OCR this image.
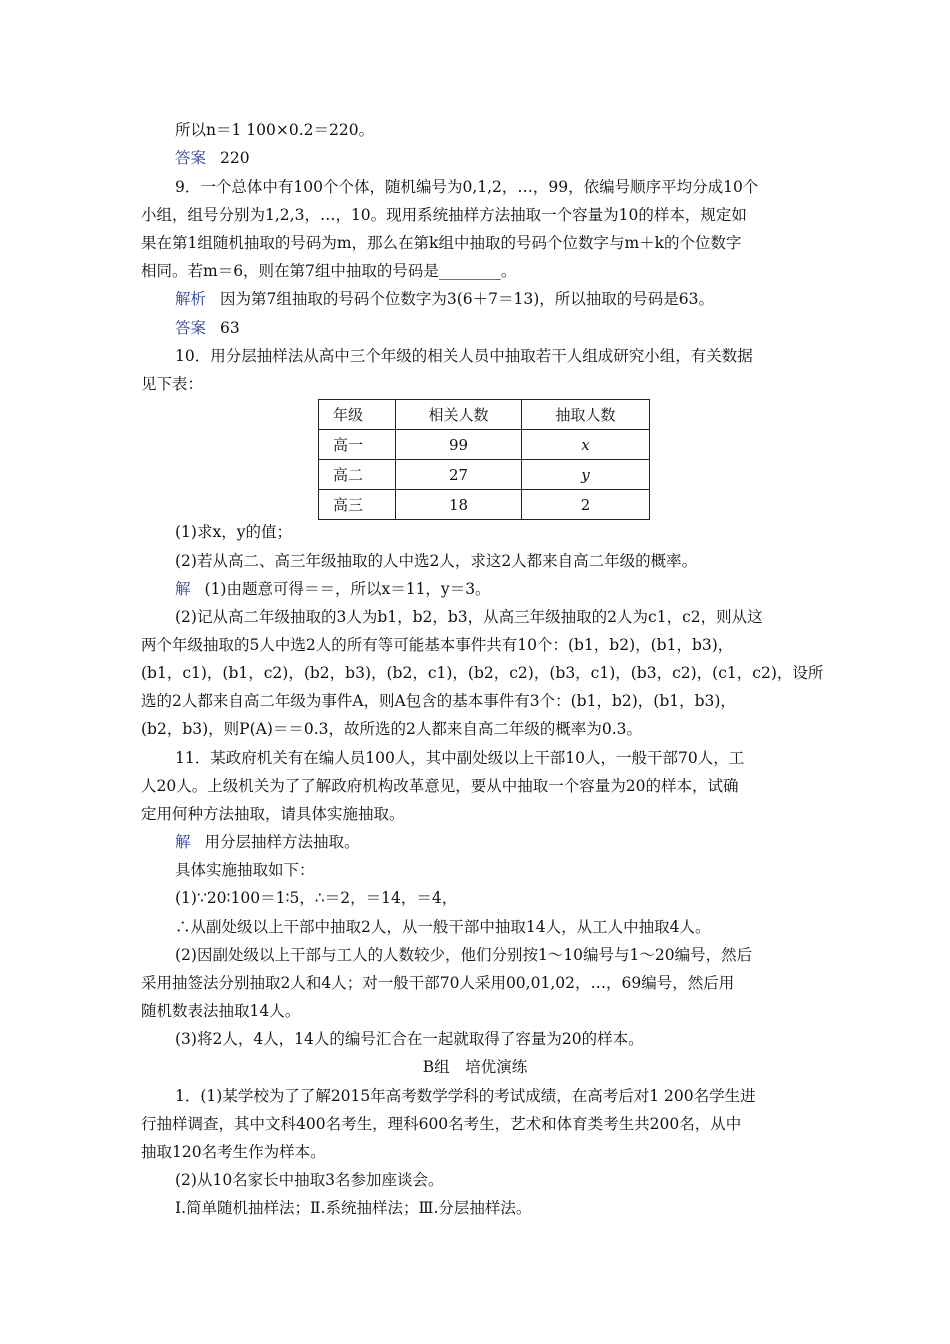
所以n＝1 100×0.2＝220。
答案 220
9．一个总体中有100个个体，随机编号为0,1,2，…，99，依编号顺序平均分成10个
小组，组号分别为1,2,3，…，10。现用系统抽样方法抽取一个容量为10的样本，规定如
果在第1组随机抽取的号码为m，那么在第k组中抽取的号码个位数字与m＋k的个位数字
相同。若m＝6，则在第7组中抽取的号码是________。
解析 因为第7组抽取的号码个位数字为3(6＋7＝13)，所以抽取的号码是63。
答案 63
10．用分层抽样法从高中三个年级的相关人员中抽取若干人组成研究小组，有关数据
见下表：
年级	相关人数	抽取人数
高一	99	x
高二	27	y
高三	18	2
(1)求x，y的值；
(2)若从高二、高三年级抽取的人中选2人，求这2人都来自高二年级的概率。
解 (1)由题意可得＝＝，所以x＝11，y＝3。
(2)记从高二年级抽取的3人为b1，b2，b3，从高三年级抽取的2人为c1，c2，则从这
两个年级抽取的5人中选2人的所有等可能基本事件共有10个：(b1，b2)，(b1，b3)，
(b1，c1)，(b1，c2)，(b2，b3)，(b2，c1)，(b2，c2)，(b3，c1)，(b3，c2)，(c1，c2)，设所
选的2人都来自高二年级为事件A，则A包含的基本事件有3个：(b1，b2)，(b1，b3)，
(b2，b3)，则P(A)＝＝0.3，故所选的2人都来自高二年级的概率为0.3。
11．某政府机关有在编人员100人，其中副处级以上干部10人，一般干部70人，工
人20人。上级机关为了了解政府机构改革意见，要从中抽取一个容量为20的样本，试确
定用何种方法抽取，请具体实施抽取。
解 用分层抽样方法抽取。
具体实施抽取如下：
(1)∵20∶100＝1∶5，∴＝2，＝14，＝4，
∴从副处级以上干部中抽取2人，从一般干部中抽取14人，从工人中抽取4人。
(2)因副处级以上干部与工人的人数较少，他们分别按1～10编号与1～20编号，然后
采用抽签法分别抽取2人和4人；对一般干部70人采用00,01,02，…，69编号，然后用
随机数表法抽取14人。
(3)将2人，4人，14人的编号汇合在一起就取得了容量为20的样本。
B组　培优演练
1．(1)某学校为了了解2015年高考数学学科的考试成绩，在高考后对1 200名学生进
行抽样调查，其中文科400名考生，理科600名考生，艺术和体育类考生共200名，从中
抽取120名考生作为样本。
(2)从10名家长中抽取3名参加座谈会。
Ⅰ.简单随机抽样法；Ⅱ.系统抽样法；Ⅲ.分层抽样法。
